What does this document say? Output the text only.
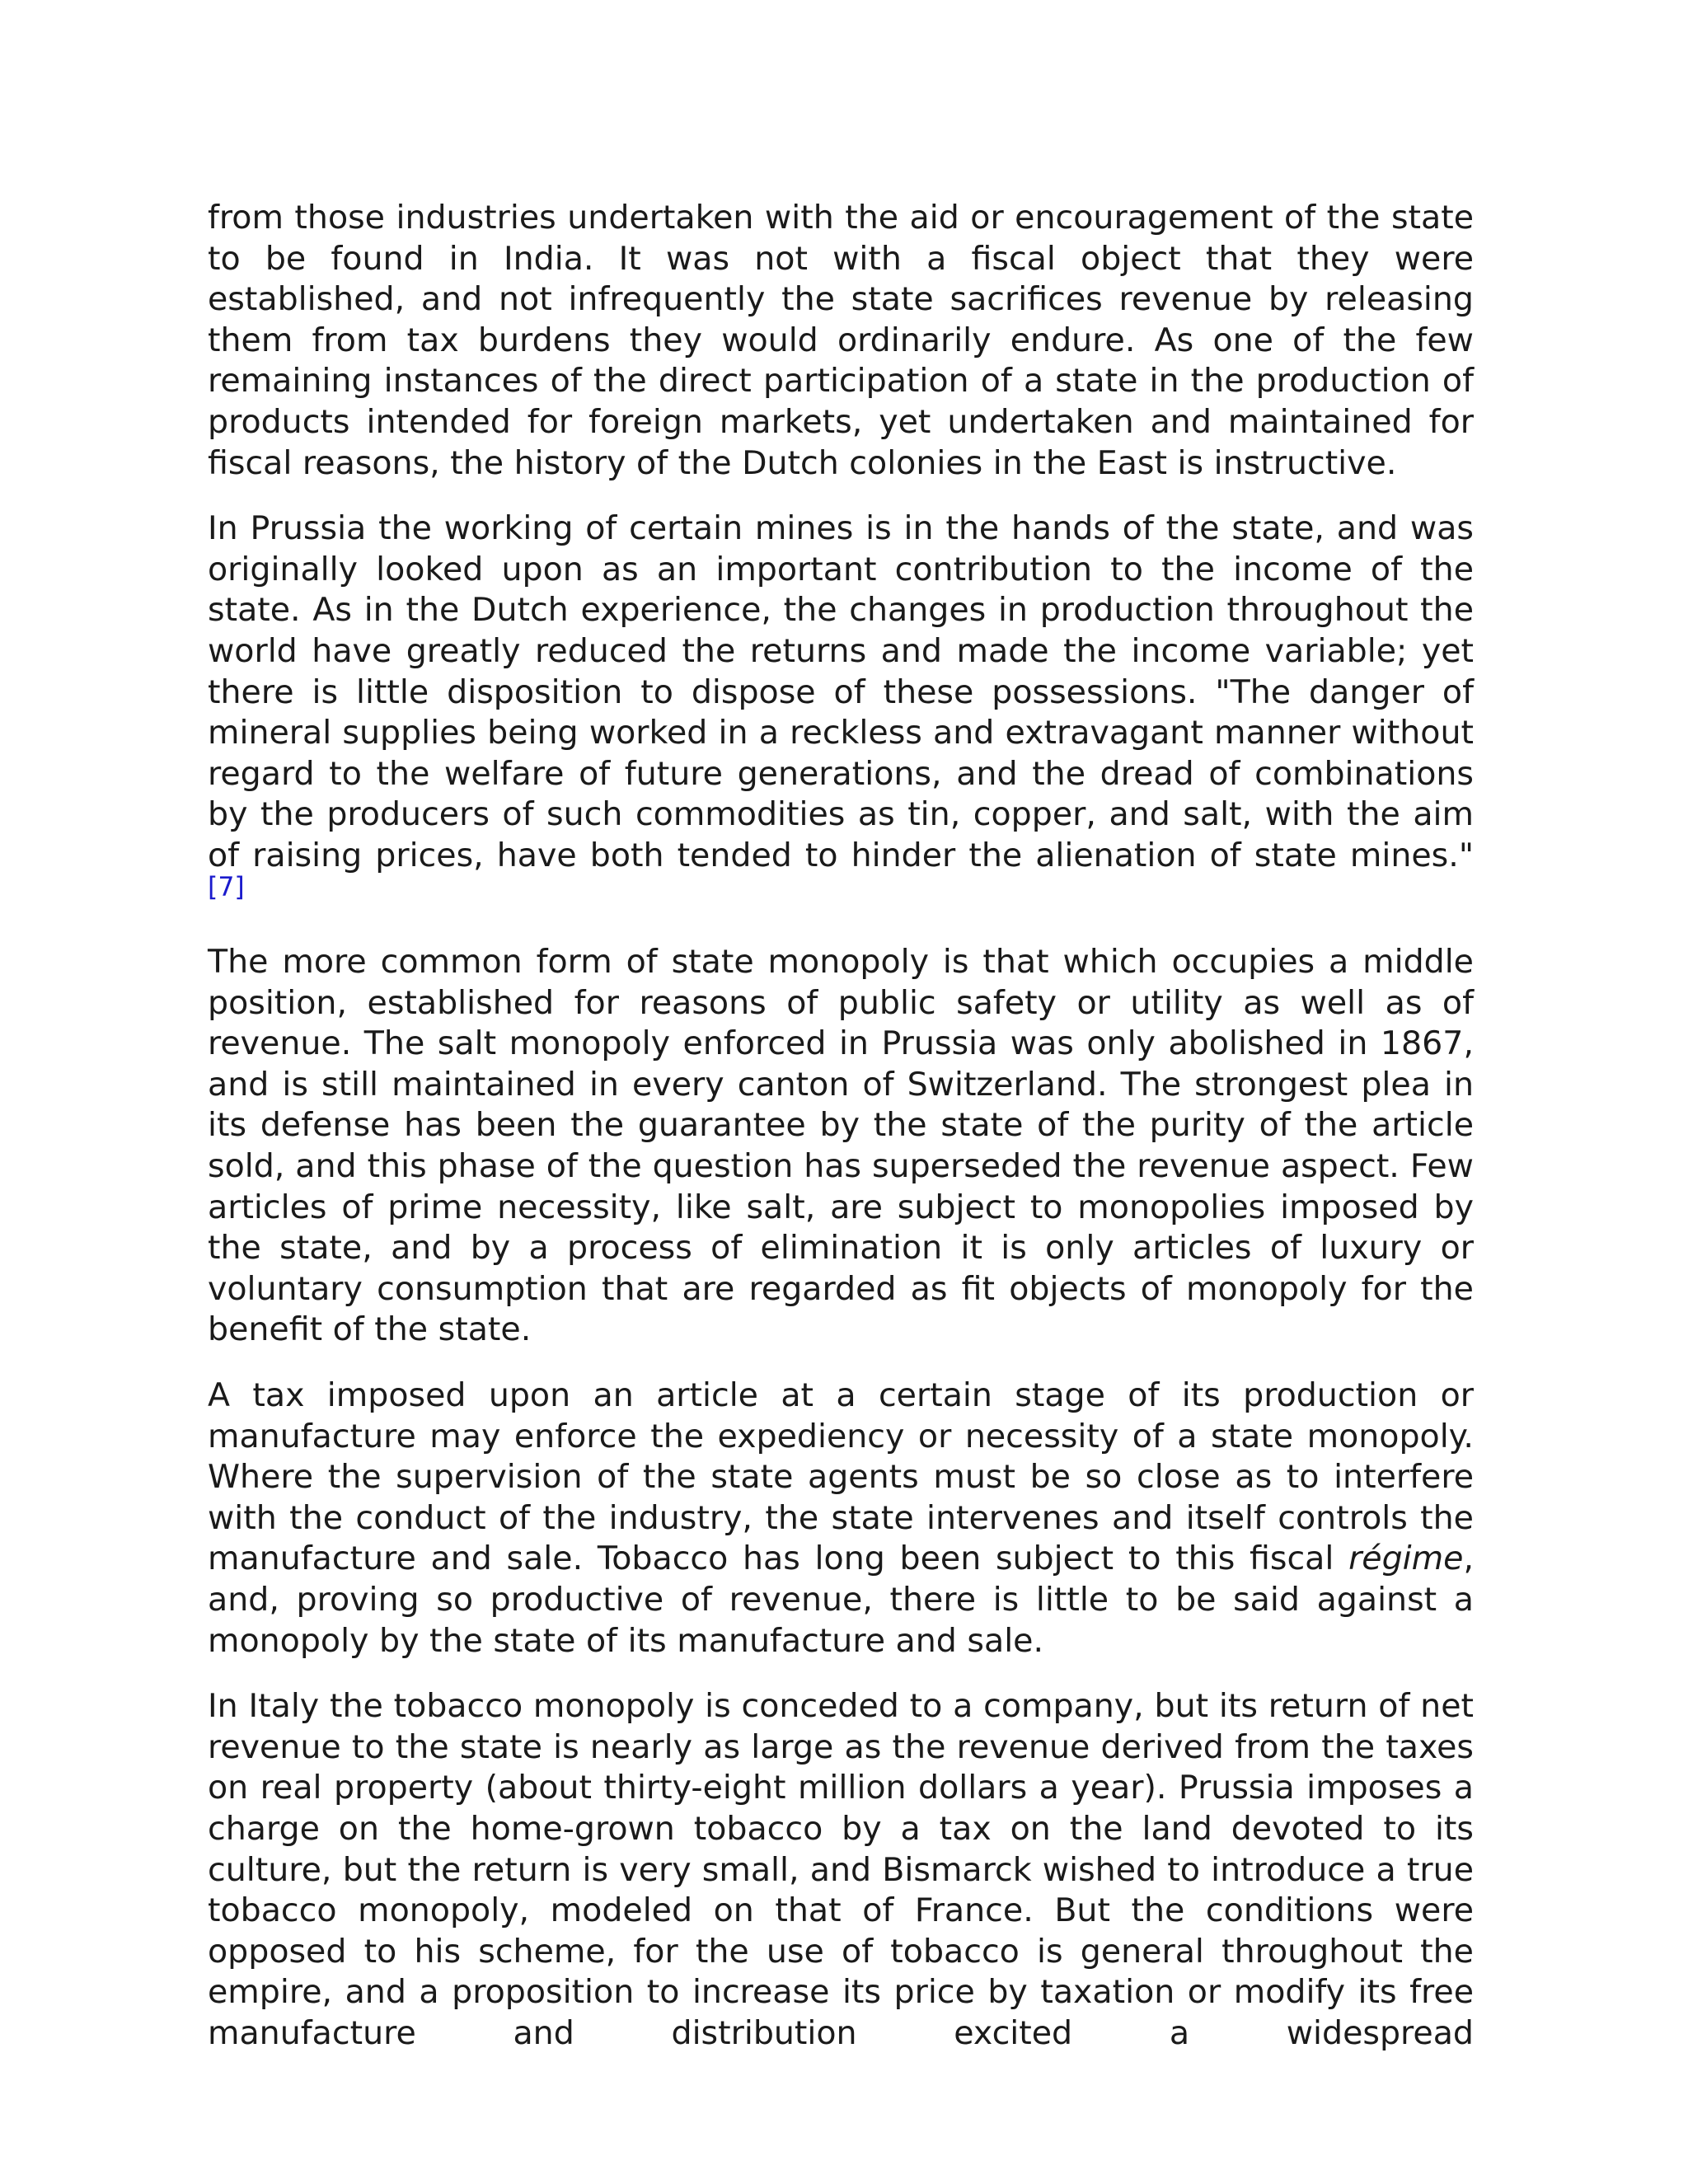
from those industries undertaken with the aid or encouragement of the state to be found in India. It was not with a fiscal object that they were established, and not infrequently the state sacrifices revenue by releasing them from tax burdens they would ordinarily endure. As one of the few remaining instances of the direct participation of a state in the production of products intended for foreign markets, yet undertaken and maintained for fiscal reasons, the history of the Dutch colonies in the East is instructive.

In Prussia the working of certain mines is in the hands of the state, and was originally looked upon as an important contribution to the income of the state. As in the Dutch experience, the changes in production throughout the world have greatly reduced the returns and made the income variable; yet there is little disposition to dispose of these possessions. "The danger of mineral supplies being worked in a reckless and extravagant manner without regard to the welfare of future generations, and the dread of combinations by the producers of such commodities as tin, copper, and salt, with the aim of raising prices, have both tended to hinder the alienation of state mines."[7]

The more common form of state monopoly is that which occupies a middle position, established for reasons of public safety or utility as well as of revenue. The salt monopoly enforced in Prussia was only abolished in 1867, and is still maintained in every canton of Switzerland. The strongest plea in its defense has been the guarantee by the state of the purity of the article sold, and this phase of the question has superseded the revenue aspect. Few articles of prime necessity, like salt, are subject to monopolies imposed by the state, and by a process of elimination it is only articles of luxury or voluntary consumption that are regarded as fit objects of monopoly for the benefit of the state.

A tax imposed upon an article at a certain stage of its production or manufacture may enforce the expediency or necessity of a state monopoly. Where the supervision of the state agents must be so close as to interfere with the conduct of the industry, the state intervenes and itself controls the manufacture and sale. Tobacco has long been subject to this fiscal régime, and, proving so productive of revenue, there is little to be said against a monopoly by the state of its manufacture and sale.

In Italy the tobacco monopoly is conceded to a company, but its return of net revenue to the state is nearly as large as the revenue derived from the taxes on real property (about thirty-eight million dollars a year). Prussia imposes a charge on the home-grown tobacco by a tax on the land devoted to its culture, but the return is very small, and Bismarck wished to introduce a true tobacco monopoly, modeled on that of France. But the conditions were opposed to his scheme, for the use of tobacco is general throughout the empire, and a proposition to increase its price by taxation or modify its free manufacture and distribution excited a widespread
